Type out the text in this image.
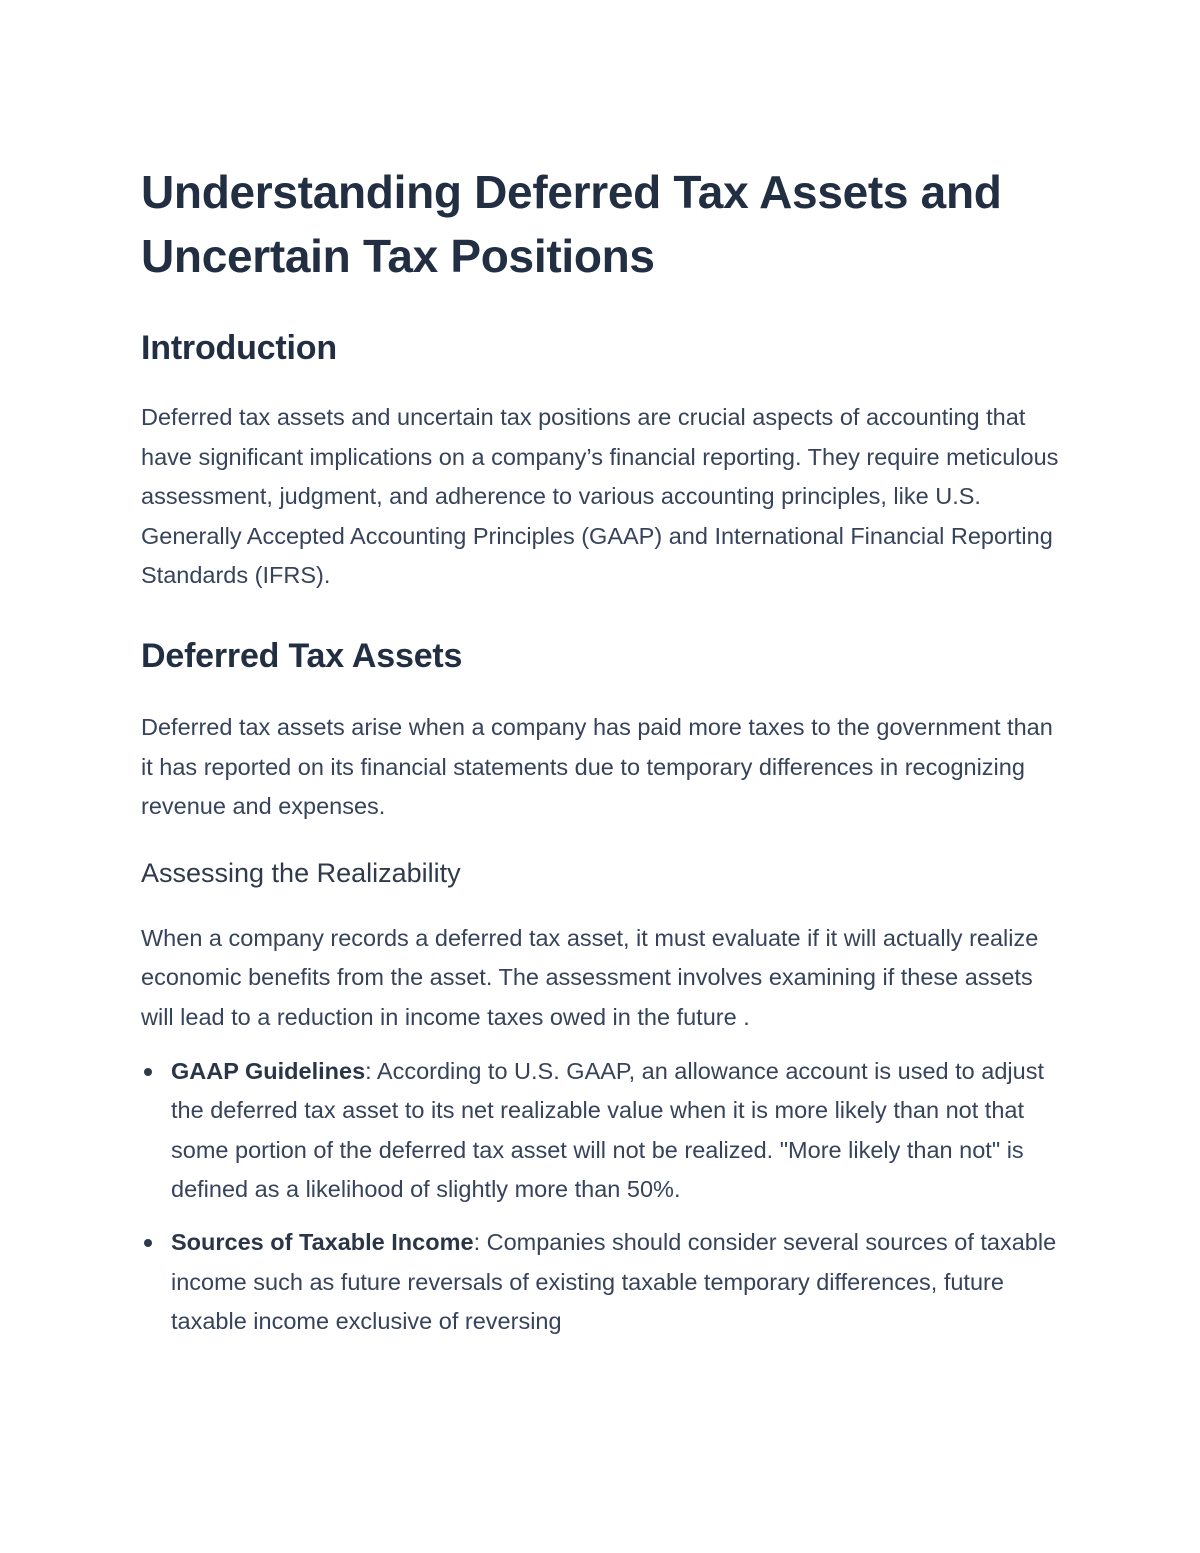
Understanding Deferred Tax Assets and Uncertain Tax Positions
Introduction

Deferred tax assets and uncertain tax positions are crucial aspects of accounting that have significant implications on a company’s financial reporting. They require meticulous assessment, judgment, and adherence to various accounting principles, like U.S. Generally Accepted Accounting Principles (GAAP) and International Financial Reporting Standards (IFRS).

Deferred Tax Assets

Deferred tax assets arise when a company has paid more taxes to the government than it has reported on its financial statements due to temporary differences in recognizing revenue and expenses.

Assessing the Realizability

When a company records a deferred tax asset, it must evaluate if it will actually realize economic benefits from the asset. The assessment involves examining if these assets will lead to a reduction in income taxes owed in the future .

GAAP Guidelines: According to U.S. GAAP, an allowance account is used to adjust the deferred tax asset to its net realizable value when it is more likely than not that some portion of the deferred tax asset will not be realized. "More likely than not" is defined as a likelihood of slightly more than 50%.
Sources of Taxable Income: Companies should consider several sources of taxable income such as future reversals of existing taxable temporary differences, future taxable income exclusive of reversing
